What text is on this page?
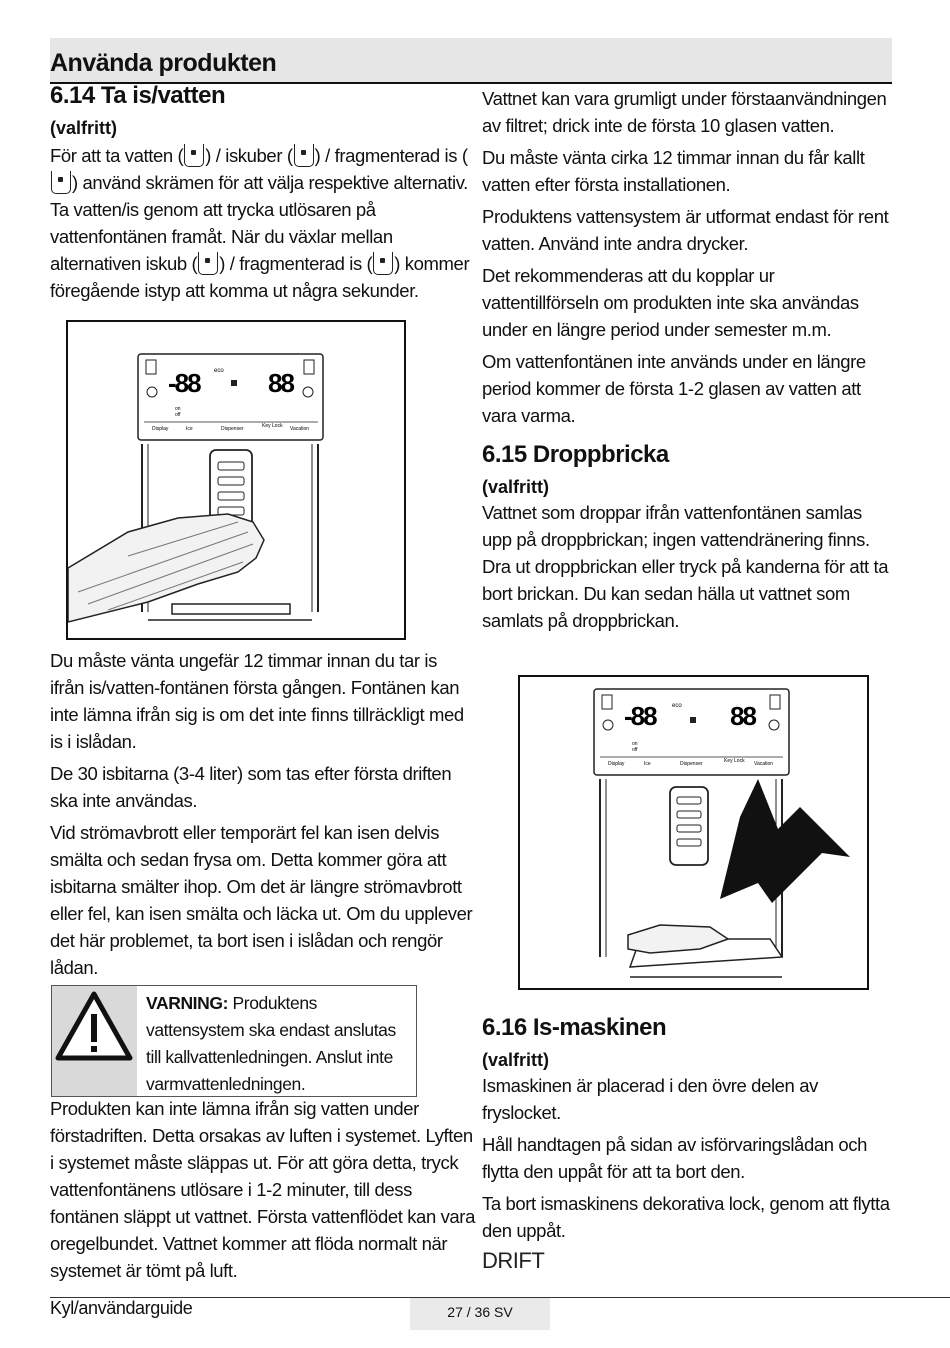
Använda produkten
6.14 Ta is/vatten
(valfritt)

För att ta vatten ( ) / iskuber ( ) / fragmenterad is () använd skrämen för att välja respektive alternativ. Ta vatten/is genom att trycka utlösaren på vattenfontänen framåt. När du växlar mellan alternativen iskub ( ) / fragmenterad is ( ) kommer föregående istyp att komma ut några sekunder.

-88	88
eco
on
off
Display	Ice	Dispenser	Key Lock Vacation

Du måste vänta ungefär 12 timmar innan du tar is ifrån is/vatten-fontänen första gången. Fontänen kan inte lämna ifrån sig is om det inte finns tillräckligt med is i islådan.

De 30 isbitarna (3-4 liter) som tas efter första driften ska inte användas.

Vid strömavbrott eller temporärt fel kan isen delvis smälta och sedan frysa om. Detta kommer göra att isbitarna smälter ihop. Om det är längre strömavbrott eller fel, kan isen smälta och läcka ut. Om du upplever det här problemet, ta bort isen i islådan och rengör lådan.

VARNING: Produktens vattensystem ska endast anslutas till kallvattenledningen. Anslut inte varmvattenledningen.

Produkten kan inte lämna ifrån sig vatten under förstadriften. Detta orsakas av luften i systemet. Lyften i systemet måste släppas ut. För att göra detta, tryck vattenfontänens utlösare i 1-2 minuter, till dess fontänen släppt ut vattnet. Första vattenflödet kan vara oregelbundet. Vattnet kommer att flöda normalt när systemet är tömt på luft.

Vattnet kan vara grumligt under förstaanvändningen av filtret; drick inte de första 10 glasen vatten.

Du måste vänta cirka 12 timmar innan du får kallt vatten efter första installationen.

Produktens vattensystem är utformat endast för rent vatten. Använd inte andra drycker.

Det rekommenderas att du kopplar ur vattentillförseln om produkten inte ska användas under en längre period under semester m.m.

Om vattenfontänen inte används under en längre period kommer de första 1-2 glasen av vatten att vara varma.

6.15 Droppbricka
(valfritt)

Vattnet som droppar ifrån vattenfontänen samlas upp på droppbrickan; ingen vattendränering finns. Dra ut droppbrickan eller tryck på kanderna för att ta bort brickan. Du kan sedan hälla ut vattnet som samlats på droppbrickan.

-88	88
eco
on
off
Display	Ice	Dispenser	Key Lock Vacation
6.16 Is-maskinen
(valfritt)

Ismaskinen är placerad i den övre delen av fryslocket.

Håll handtagen på sidan av isförvaringslådan och flytta den uppåt för att ta bort den.

Ta bort ismaskinens dekorativa lock, genom att flytta den uppåt.

DRIFT
Kyl/användarguide	27 / 36 SV
